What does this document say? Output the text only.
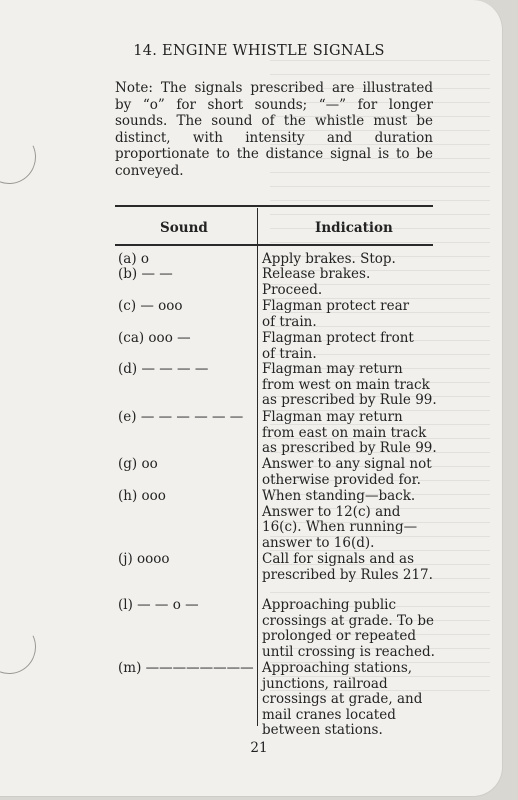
14. ENGINE WHISTLE SIGNALS

Note: The signals prescribed are illustrated by “o” for short sounds; “—” for longer sounds. The sound of the whistle must be distinct, with intensity and duration proportionate to the distance signal is to be conveyed.

Sound	Indication
(a) o	Apply brakes. Stop.

(b) — —	Release brakes.
Proceed.

(c) — ooo	Flagman protect rear
of train.

(ca) ooo —	Flagman protect front
of train.

(d) — — — —	Flagman may return
from west on main track
as prescribed by Rule 99.

(e) — — — — — — Flagman may return
from east on main track
as prescribed by Rule 99.

(g) oo	Answer to any signal not
otherwise provided for.

(h) ooo	When standing—back.
Answer to 12(c) and
16(c). When running—
answer to 16(d).

(j) oooo	Call for signals and as
prescribed by Rules 217.

(l) — — o —	Approaching public
crossings at grade. To be
prolonged or repeated
until crossing is reached.

(m) ———————— Approaching stations,
junctions, railroad
crossings at grade, and
mail cranes located
between stations.

21
